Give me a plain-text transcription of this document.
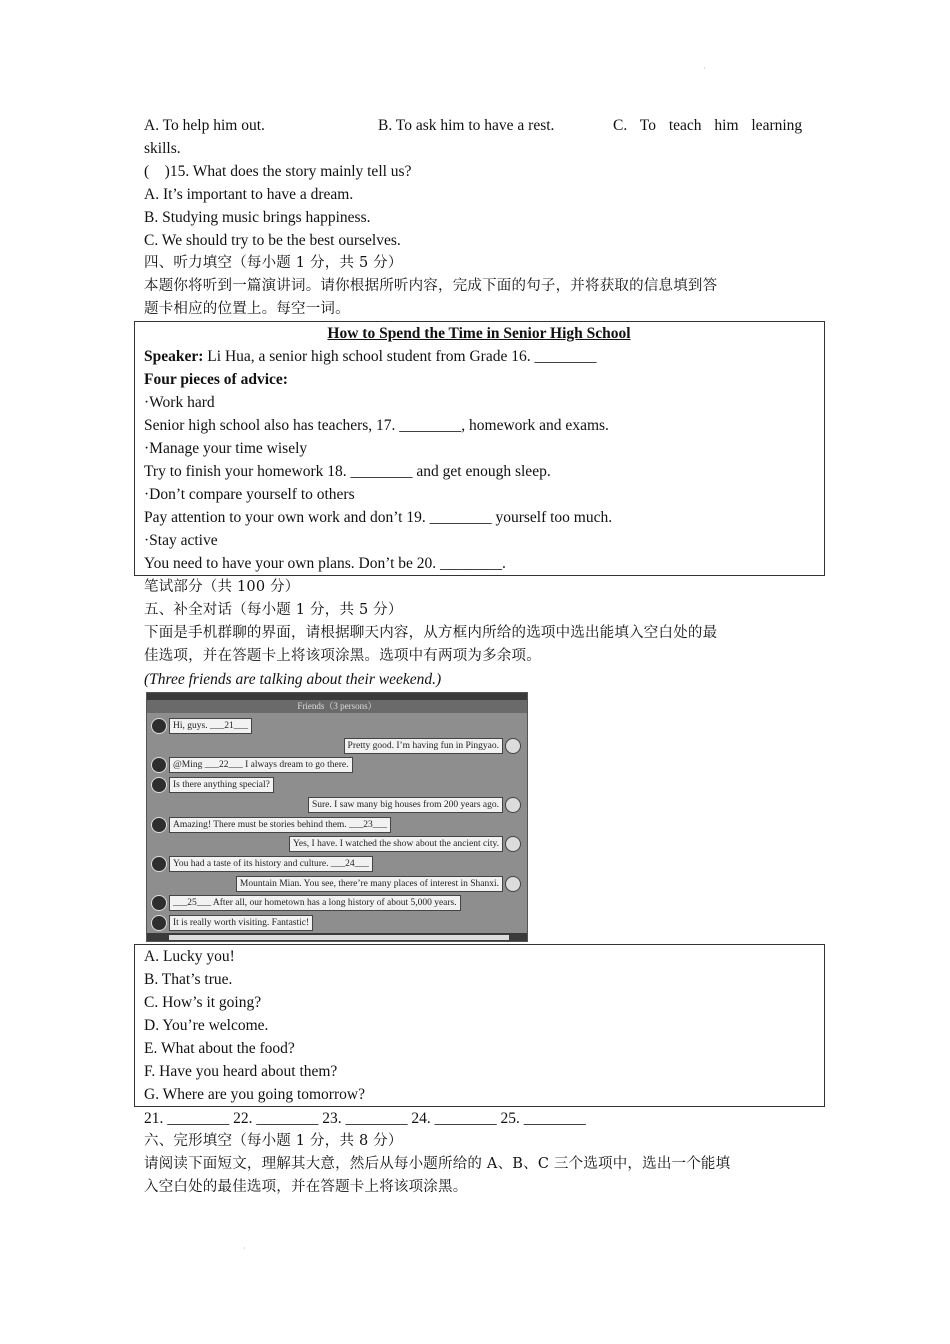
·
A. To help him out.	B. To ask him to have a rest.	C. To teach him learning
skills.
(    )15. What does the story mainly tell us?
A. It’s important to have a dream.
B. Studying music brings happiness.
C. We should try to be the best ourselves.
四、听力填空（每小题 1 分，共 5 分）
本题你将听到一篇演讲词。请你根据所听内容，完成下面的句子，并将获取的信息填到答
题卡相应的位置上。每空一词。
How to Spend the Time in Senior High School
Speaker: Li Hua, a senior high school student from Grade 16. ________
Four pieces of advice:
·Work hard
Senior high school also has teachers, 17. ________, homework and exams.
·Manage your time wisely
Try to finish your homework 18. ________ and get enough sleep.
·Don’t compare yourself to others
Pay attention to your own work and don’t 19. ________ yourself too much.
·Stay active
You need to have your own plans. Don’t be 20. ________.
笔试部分（共 100 分）
五、补全对话（每小题 1 分，共 5 分）
下面是手机群聊的界面，请根据聊天内容，从方框内所给的选项中选出能填入空白处的最
佳选项，并在答题卡上将该项涂黑。选项中有两项为多余项。
(Three friends are talking about their weekend.)
Friends（3 persons）
Hi, guys. ___21___
Pretty good. I’m having fun in Pingyao.
@Ming ___22___ I always dream to go there.
Is there anything special?
Sure. I saw many big houses from 200 years ago.
Amazing! There must be stories behind them. ___23___
Yes, I have. I watched the show about the ancient city.
You had a taste of its history and culture. ___24___
Mountain Mian. You see, there’re many places of interest in Shanxi.
___25___ After all, our hometown has a long history of about 5,000 years.
It is really worth visiting. Fantastic!
A. Lucky you!
B. That’s true.
C. How’s it going?
D. You’re welcome.
E. What about the food?
F. Have you heard about them?
G. Where are you going tomorrow?
21. ________ 22. ________ 23. ________ 24. ________ 25. ________
六、完形填空（每小题 1 分，共 8 分）
请阅读下面短文，理解其大意，然后从每小题所给的 A、B、C 三个选项中，选出一个能填
入空白处的最佳选项，并在答题卡上将该项涂黑。
·
